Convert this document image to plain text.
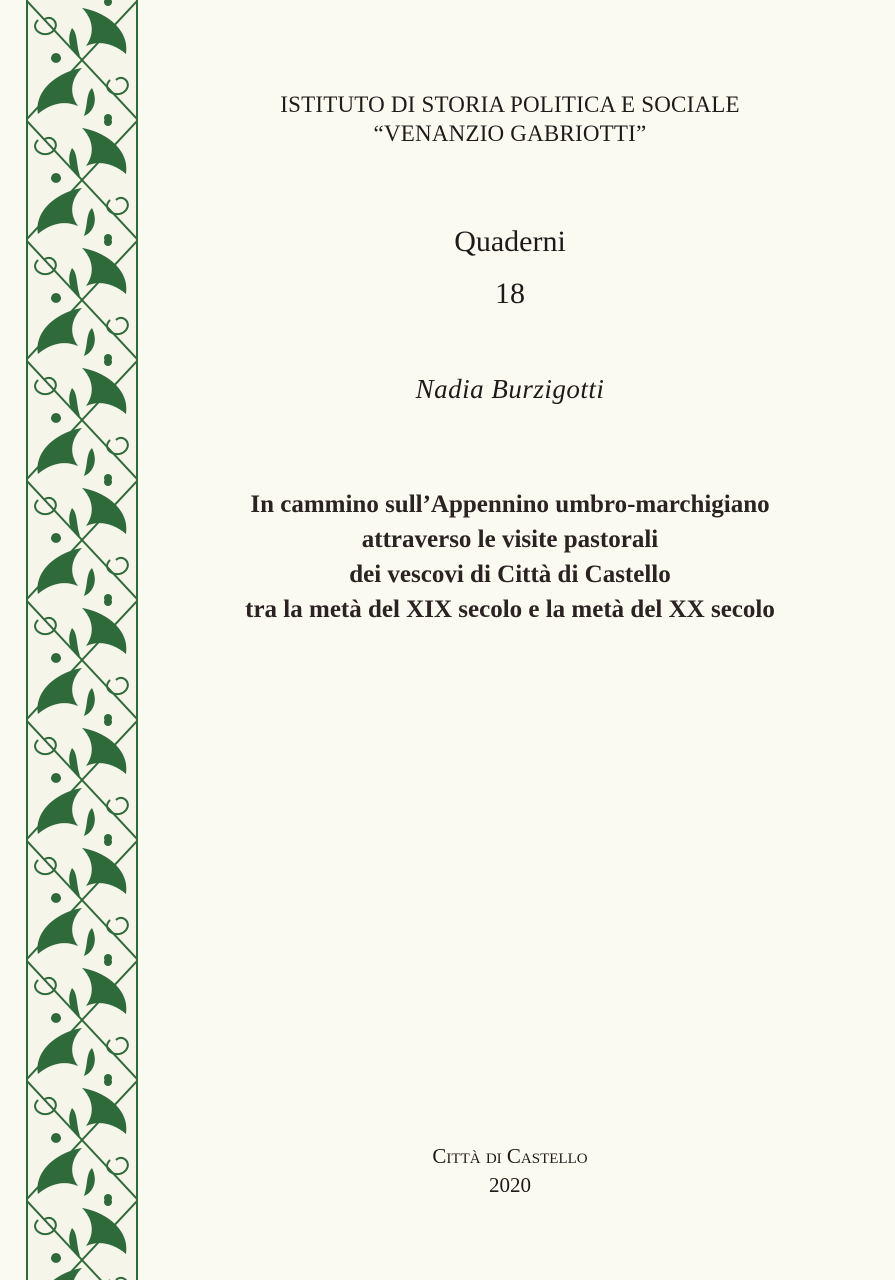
ISTITUTO DI STORIA POLITICA E SOCIALE
“VENANZIO GABRIOTTI”
Quaderni
18
Nadia Burzigotti
In cammino sull’Appennino umbro-marchigiano
attraverso le visite pastorali
dei vescovi di Città di Castello
tra la metà del XIX secolo e la metà del XX secolo
Città di Castello
2020
